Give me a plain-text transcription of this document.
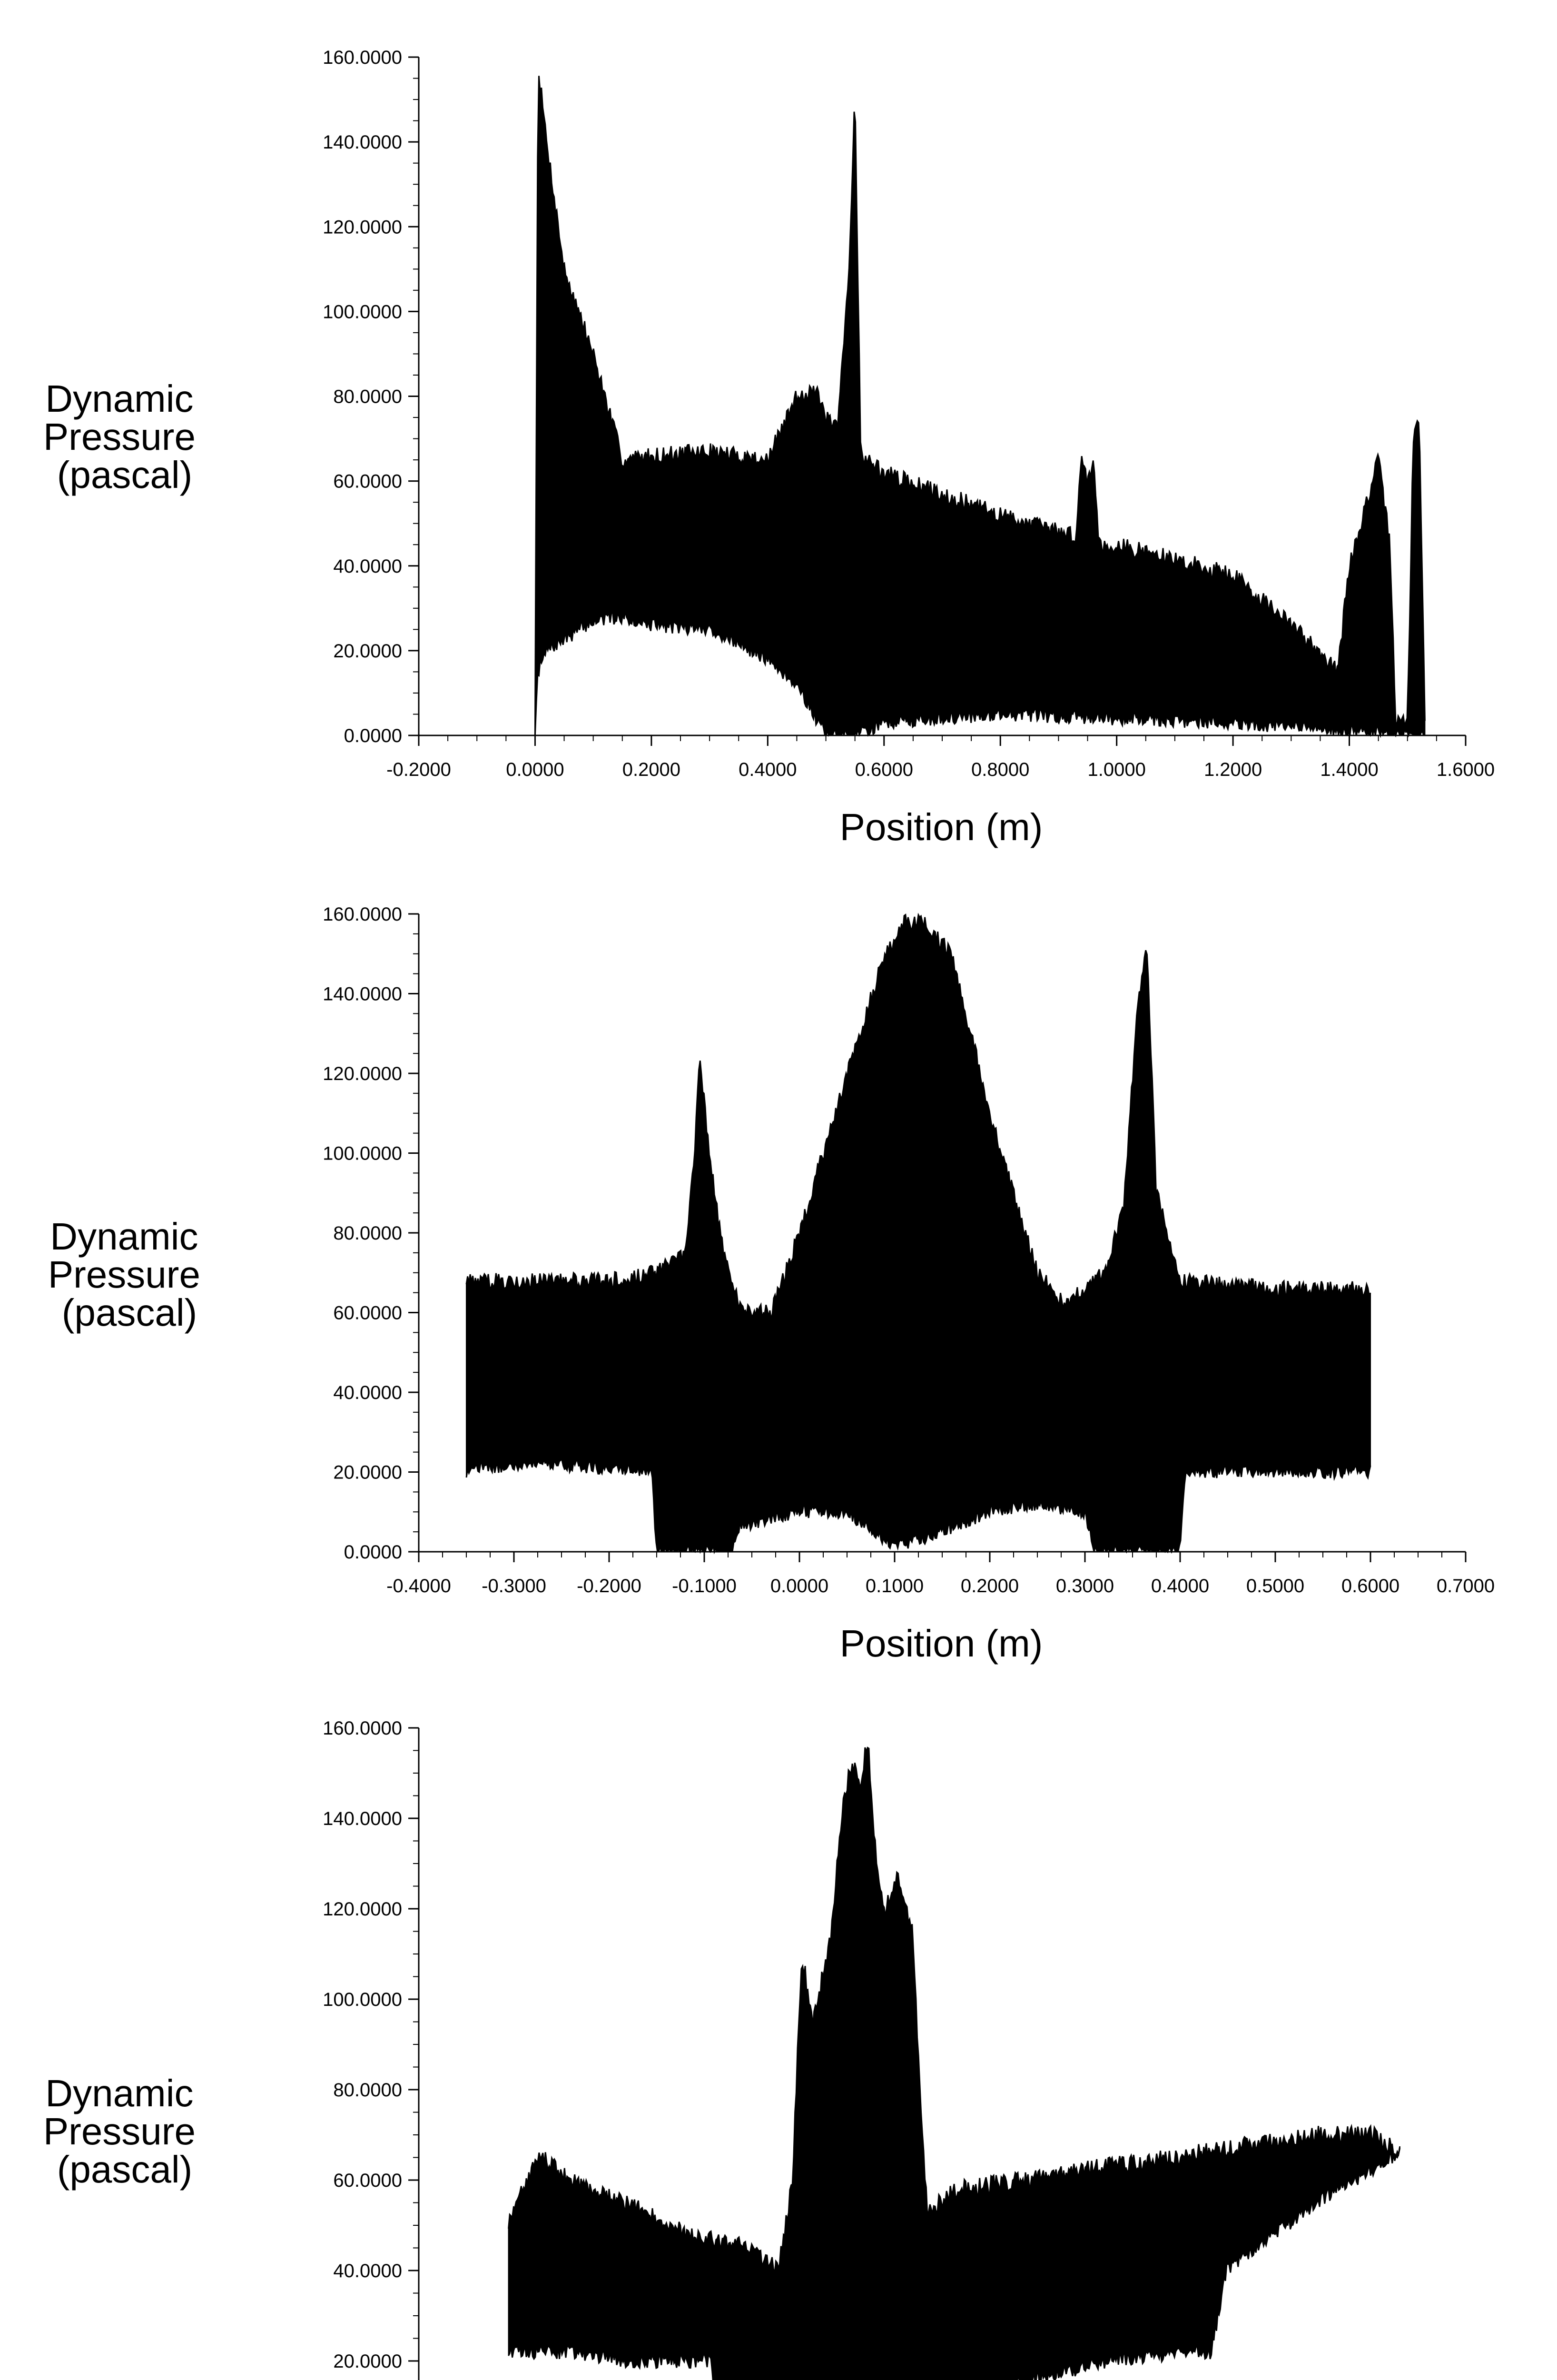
-0.2000	0.0000	0.2000	0.4000	0.6000	0.8000	1.0000	1.2000	1.4000	1.6000
0.0000
20.0000
40.0000
60.0000
80.0000
100.0000
120.0000
140.0000
160.0000
Position (m)
Dynamic Pressure (pascal)
-0.4000 -0.3000 -0.2000 -0.1000 0.0000 0.1000 0.2000 0.3000 0.4000 0.5000 0.6000 0.7000
0.0000
20.0000
40.0000
60.0000
80.0000
100.0000
120.0000
140.0000
160.0000
Position (m)
Dynamic Pressure (pascal)
20.0000
40.0000
60.0000
80.0000
100.0000
120.0000
140.0000
160.0000
Dynamic Pressure (pascal)
